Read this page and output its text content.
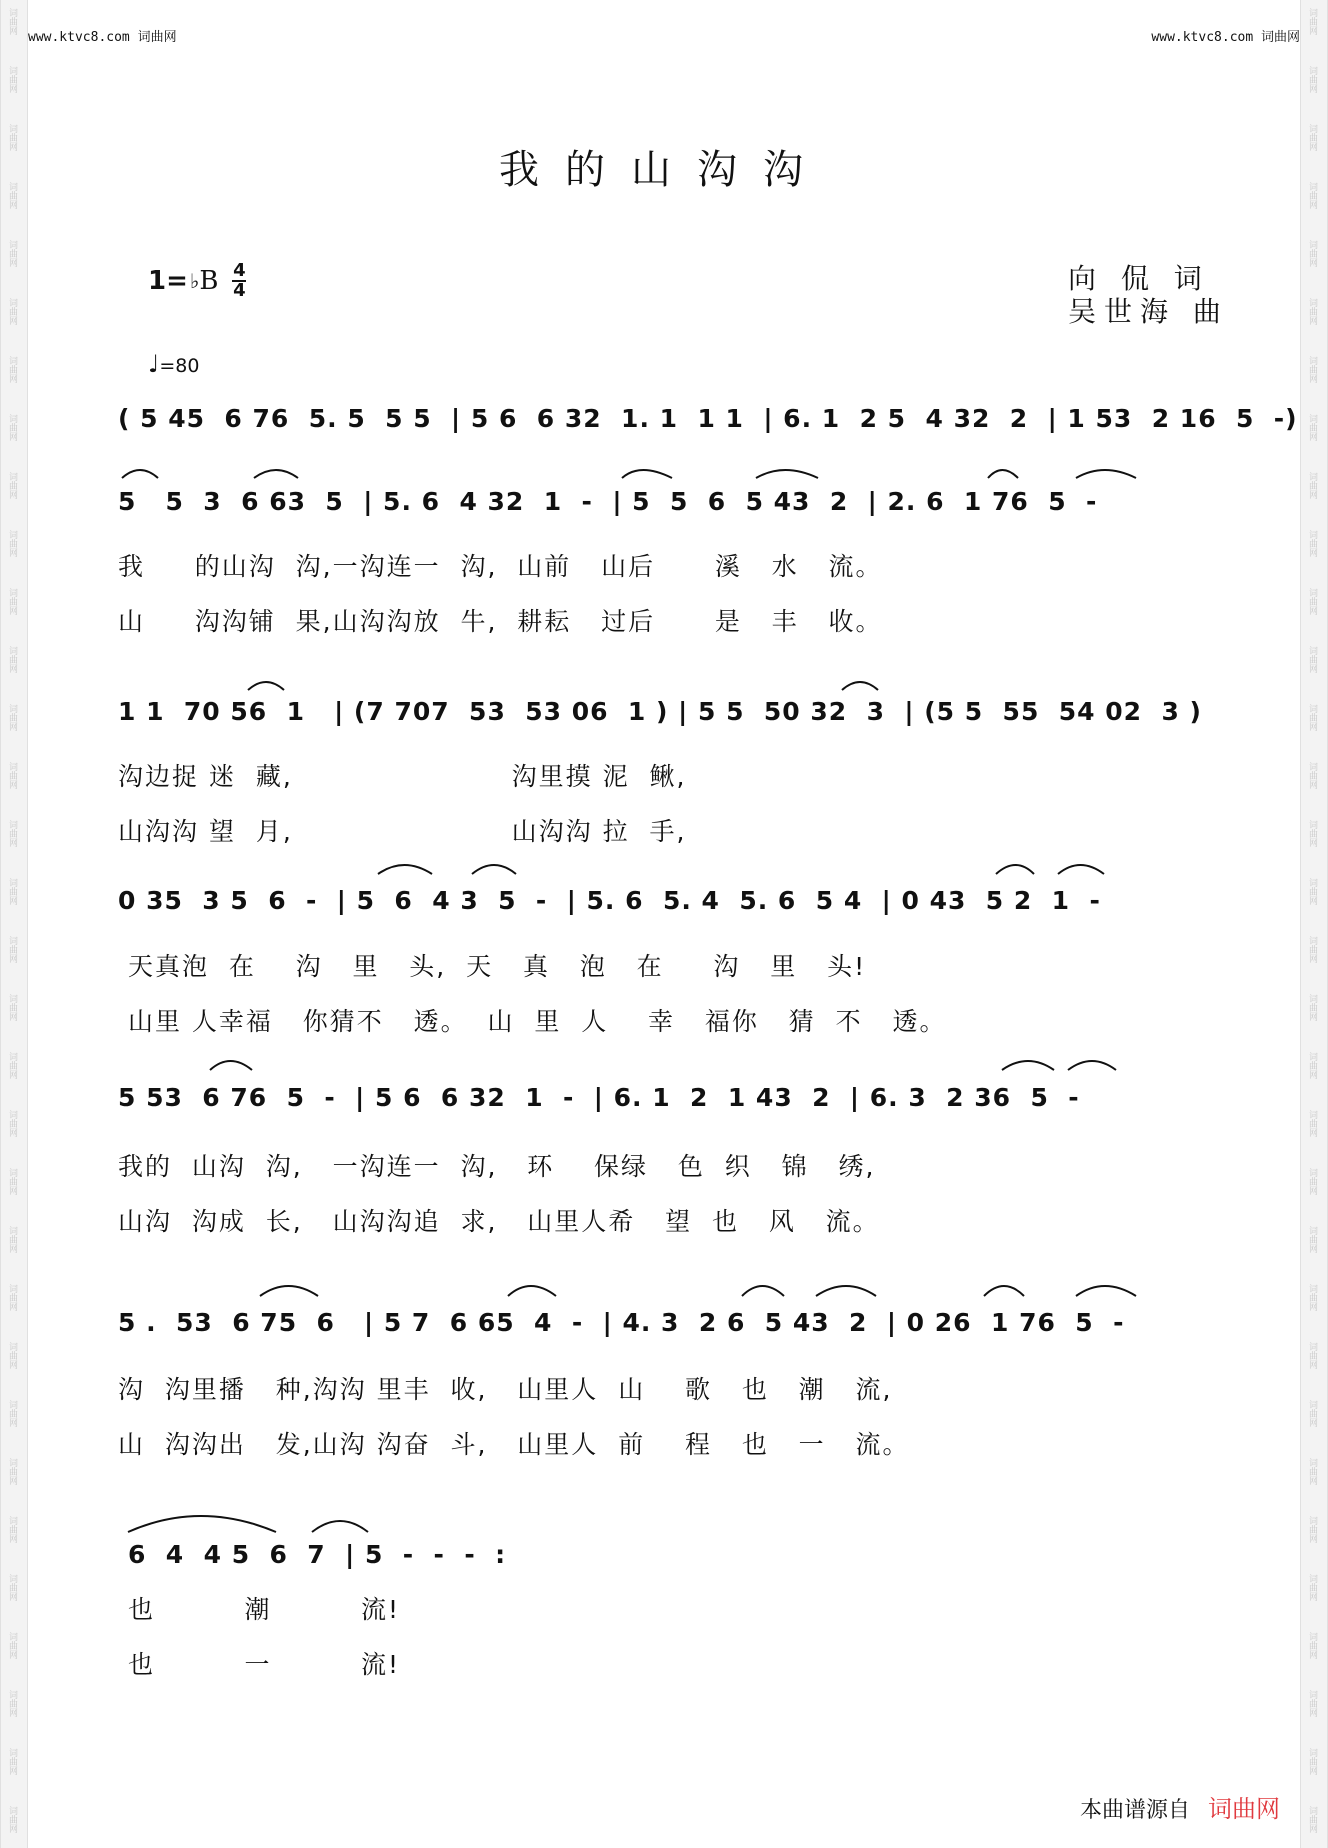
词曲网
词曲网
词曲网
词曲网
词曲网
词曲网
词曲网
词曲网
词曲网
词曲网
词曲网
词曲网
词曲网
词曲网
词曲网
词曲网
词曲网
词曲网
词曲网
词曲网
词曲网
词曲网
词曲网
词曲网
词曲网
词曲网
词曲网
词曲网
词曲网
词曲网
词曲网
词曲网
词曲网
词曲网
词曲网
词曲网
词曲网
词曲网
词曲网
词曲网
词曲网
词曲网
词曲网
词曲网
词曲网
词曲网
词曲网
词曲网
词曲网
词曲网
词曲网
词曲网
词曲网
词曲网
词曲网
词曲网
词曲网
词曲网
词曲网
词曲网
词曲网
词曲网
词曲网
词曲网
www.ktvc8.com 词曲网	www.ktvc8.com 词曲网
我的山沟沟
1= ♭ B $\frac{4}{4}$	向 侃 词
吴世海 曲
♩=80
( 5 45  6 76  5. 5  5 5  | 5 6  6 32  1. 1  1 1  | 6. 1  2 5  4 32  2  | 1 53  2 16  5  -)
5   5  3  6 63  5  | 5. 6  4 32  1  -  | 5  5  6  5 43  2  | 2. 6  1 76  5  -
我     的山沟  沟,一沟连一  沟,  山前   山后      溪   水   流。
山     沟沟铺  果,山沟沟放  牛,  耕耘   过后      是   丰   收。
1 1  70 56  1   | (7 707  53  53 06  1 ) | 5 5  50 32  3  | (5 5  55  54 02  3 )
沟边捉 迷  藏,                      沟里摸 泥  鳅,
山沟沟 望  月,                      山沟沟 拉  手,
0 35  3 5  6  -  | 5  6  4 3  5  -  | 5. 6  5. 4  5. 6  5 4  | 0 43  5 2  1  -
天真泡  在    沟   里   头,  天   真   泡   在     沟   里   头!
山里 人幸福   你猜不   透。  山  里  人    幸   福你   猜  不   透。
5 53  6 76  5  -  | 5 6  6 32  1  -  | 6. 1  2  1 43  2  | 6. 3  2 36  5  -
我的  山沟  沟,   一沟连一  沟,   环    保绿   色  织   锦   绣,
山沟  沟成  长,   山沟沟追  求,   山里人希   望  也   风   流。
5 .  53  6 75  6   | 5 7  6 65  4  -  | 4. 3  2 6  5 43  2  | 0 26  1 76  5  -
沟  沟里播   种,沟沟 里丰  收,   山里人  山    歌   也   潮   流,
山  沟沟出   发,山沟 沟奋  斗,   山里人  前    程   也   一   流。
6  4  4 5  6  7  | 5  -  -  -  :
也         潮         流!
也         一         流!
本曲谱源自 词曲网
